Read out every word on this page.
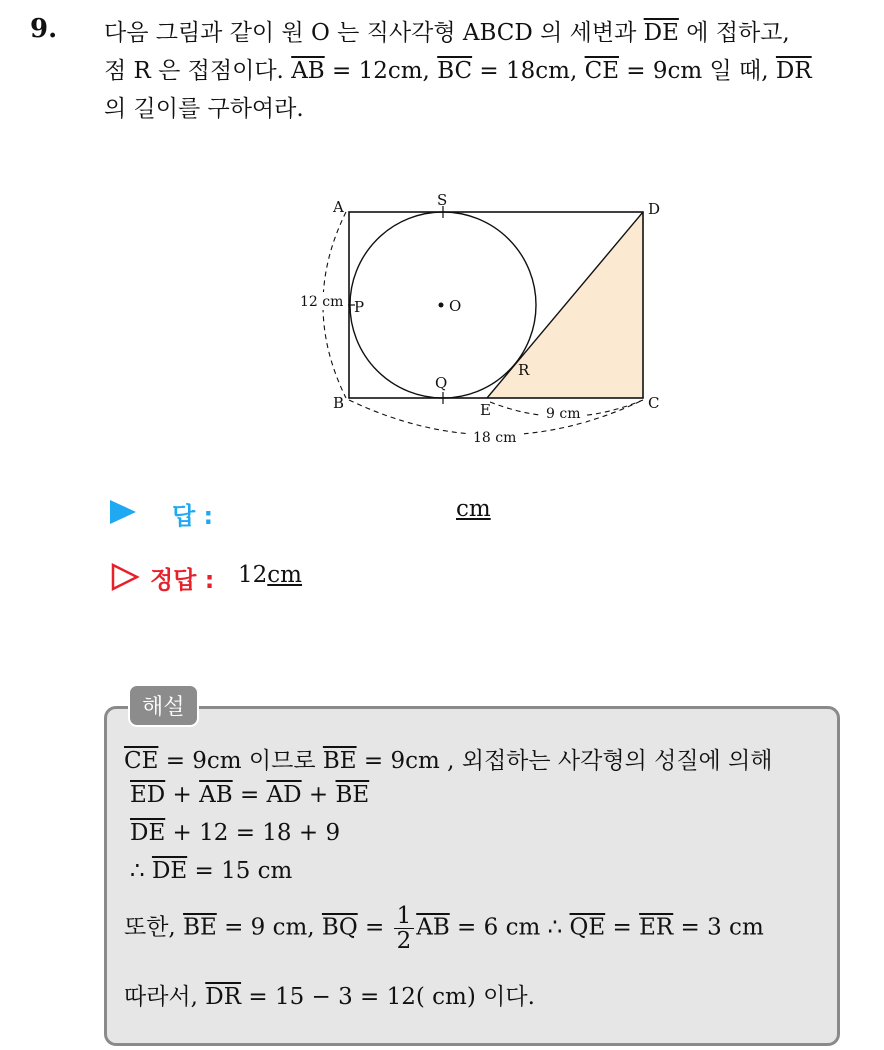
9. 다음 그림과 같이 원 O 는 직사각형 ABCD 의 세변과 $\overline{DE}$ 에 접하고,
점 R 은 접점이다. $\overline{AB} = 12cm$, $\overline{BC} = 18cm$, $\overline{CE} = 9cm$ 일 때, $\overline{DR}$
의 길이를 구하여라.
A
B	C
D
S
P
Q
R
E
O
12 cm
9 cm
18 cm
답 :	cm
정답 : 12cm
해설
$\overline{CE} = 9cm$ 이므로 $\overline{BE} = 9cm$ , 외접하는 사각형의 성질에 의해
$\overline{ED} + \overline{AB} = \overline{AD} + \overline{BE}$
$\overline{DE} + 12 = 18 + 9$
∴ $\overline{DE} = 15$ cm
또한, $\overline{BE} = 9$ cm, $\overline{BQ} = \frac{1}{2} \overline{AB} = 6$ cm ∴ $\overline{QE} = \overline{ER} = 3$ cm
따라서, $\overline{DR} = 15 - 3 = 12$( cm) 이다.
